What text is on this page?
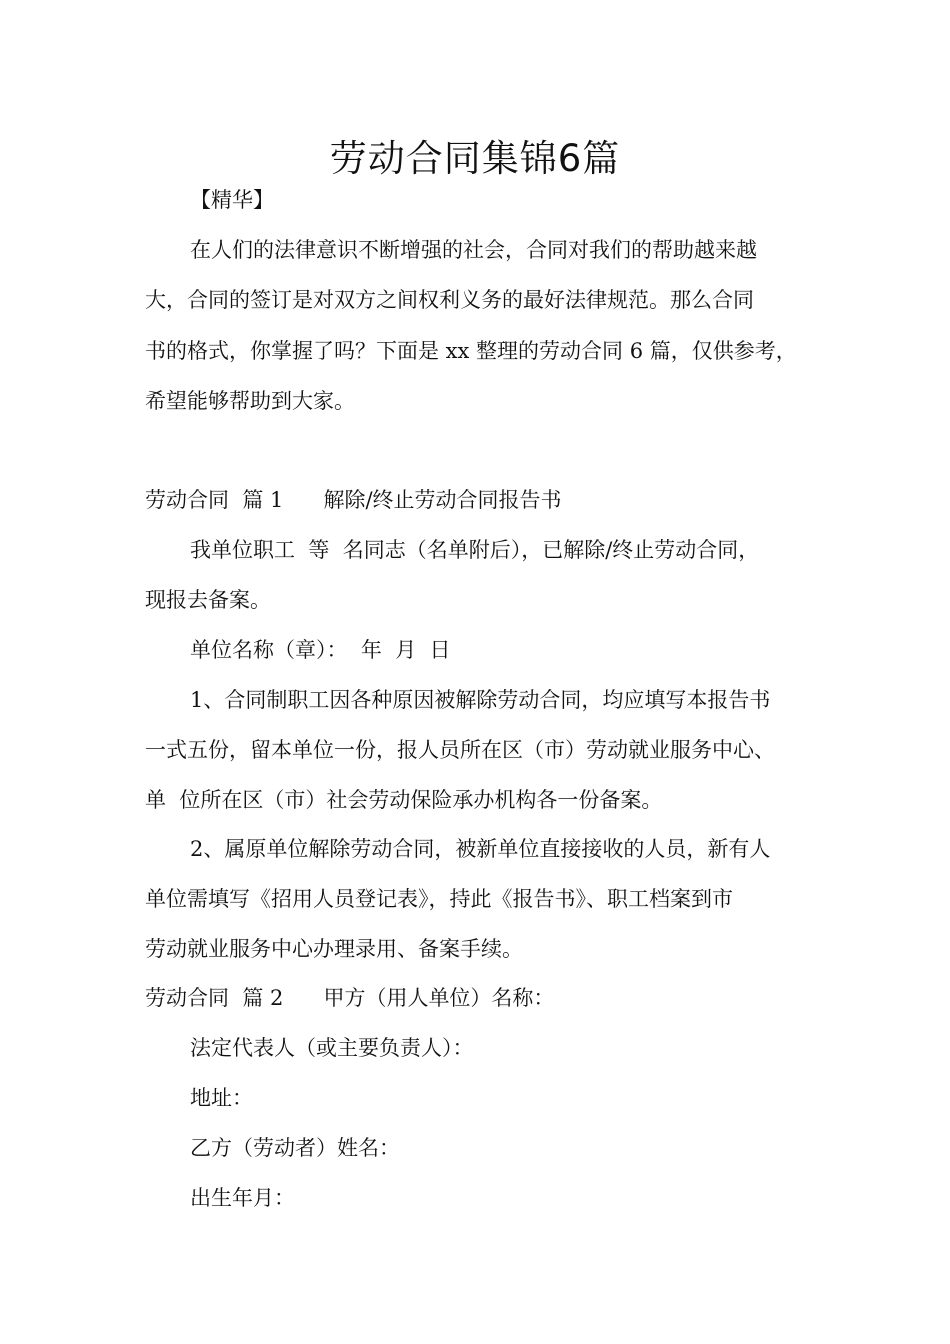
劳动合同集锦6篇

【精华】

在人们的法律意识不断增强的社会，合同对我们的帮助越来越

大，合同的签订是对双方之间权利义务的最好法律规范。那么合同

书的格式，你掌握了吗？下面是 xx 整理的劳动合同 6 篇，仅供参考，

希望能够帮助到大家。

劳动合同  篇 1      解除/终止劳动合同报告书

我单位职工  等  名同志（名单附后），已解除/终止劳动合同，

现报去备案。

单位名称（章）：  年  月  日

1、合同制职工因各种原因被解除劳动合同，均应填写本报告书

一式五份，留本单位一份，报人员所在区（市）劳动就业服务中心、

单  位所在区（市）社会劳动保险承办机构各一份备案。

2、属原单位解除劳动合同，被新单位直接接收的人员，新有人

单位需填写《招用人员登记表》，持此《报告书》、职工档案到市

劳动就业服务中心办理录用、备案手续。

劳动合同  篇 2      甲方（用人单位）名称：

法定代表人（或主要负责人）：

地址：

乙方（劳动者）姓名：

出生年月：
